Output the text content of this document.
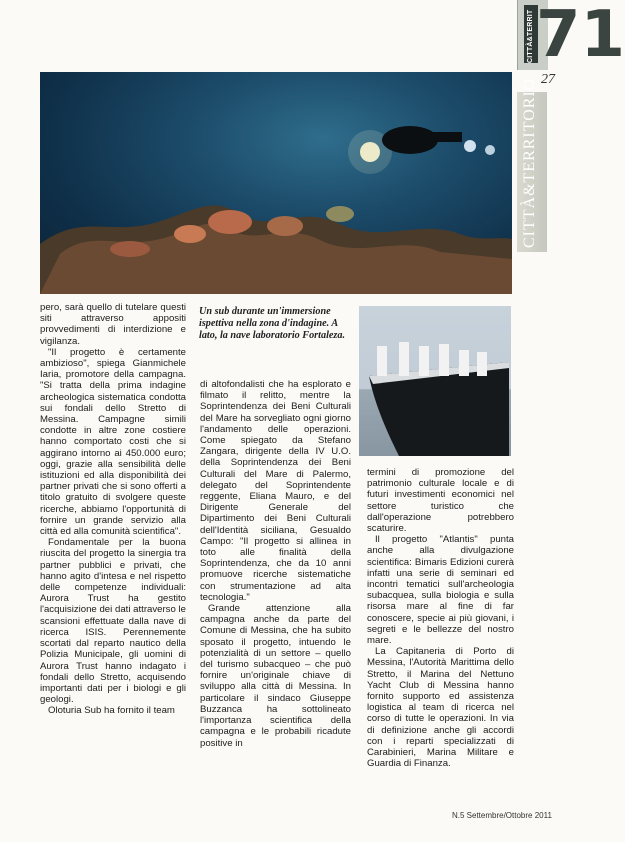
CITTÀ&TERRIT 71
27
CITTÀ&TERRITORIO
Un sub durante un'immersione ispettiva nella zona d'indagine. A lato, la nave laboratorio Fortaleza.

pero, sarà quello di tutelare questi siti attraverso appositi provvedimenti di interdizione e vigilanza.

"Il progetto è certamente ambizioso", spiega Gianmichele Iaria, promotore della campagna. "Si tratta della prima indagine archeologica sistematica condotta sui fondali dello Stretto di Messina. Campagne simili condotte in altre zone costiere hanno comportato costi che si aggirano intorno ai 450.000 euro; oggi, grazie alla sensibilità delle istituzioni ed alla disponibilità dei partner privati che si sono offerti a titolo gratuito di svolgere queste ricerche, abbiamo l'opportunità di fornire un grande servizio alla città ed alla comunità scientifica".

Fondamentale per la buona riuscita del progetto la sinergia tra partner pubblici e privati, che hanno agito d'intesa e nel rispetto delle competenze individuali: Aurora Trust ha gestito l'acquisizione dei dati attraverso le scansioni effettuate dalla nave di ricerca ISIS. Perennemente scortati dal reparto nautico della Polizia Municipale, gli uomini di Aurora Trust hanno indagato i fondali dello Stretto, acquisendo importanti dati per i biologi e gli geologi.

Oloturia Sub ha fornito il team

di altofondalisti che ha esplorato e filmato il relitto, mentre la Soprintendenza dei Beni Culturali del Mare ha sorvegliato ogni giorno l'andamento delle operazioni. Come spiegato da Stefano Zangara, dirigente della IV U.O. della Soprintendenza dei Beni Culturali del Mare di Palermo, delegato del Soprintendente reggente, Eliana Mauro, e del Dirigente Generale del Dipartimento dei Beni Culturali dell'Identità siciliana, Gesualdo Campo: "Il progetto si allinea in toto alle finalità della Soprintendenza, che da 10 anni promuove ricerche sistematiche con strumentazione ad alta tecnologia."

Grande attenzione alla campagna anche da parte del Comune di Messina, che ha subito sposato il progetto, intuendo le potenzialità di un settore – quello del turismo subacqueo – che può fornire un'originale chiave di sviluppo alla città di Messina. In particolare il sindaco Giuseppe Buzzanca ha sottolineato l'importanza scientifica della campagna e le probabili ricadute positive in

termini di promozione del patrimonio culturale locale e di futuri investimenti economici nel settore turistico che dall'operazione potrebbero scaturire.

Il progetto "Atlantis" punta anche alla divulgazione scientifica: Bimaris Edizioni curerà infatti una serie di seminari ed incontri tematici sull'archeologia subacquea, sulla biologia e sulla risorsa mare al fine di far conoscere, specie ai più giovani, i segreti e le bellezze del nostro mare.

La Capitaneria di Porto di Messina, l'Autorità Marittima dello Stretto, il Marina del Nettuno Yacht Club di Messina hanno fornito supporto ed assistenza logistica al team di ricerca nel corso di tutte le operazioni. In via di definizione anche gli accordi con i reparti specializzati di Carabinieri, Marina Militare e Guardia di Finanza.

N.5 Settembre/Ottobre 2011
